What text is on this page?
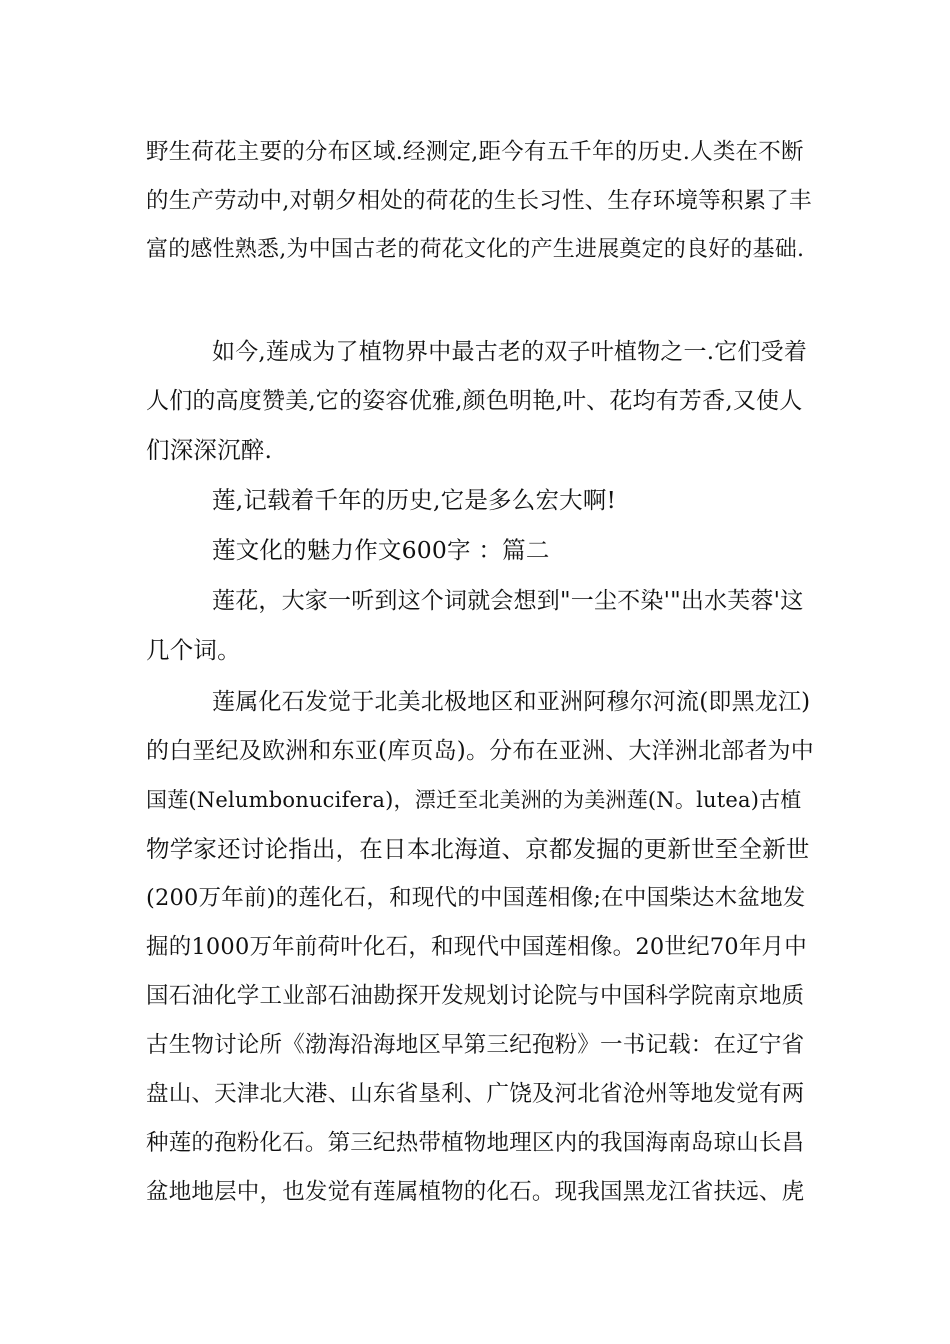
野生荷花主要的分布区域.经测定,距今有五千年的历史.人类在不断
的生产劳动中,对朝夕相处的荷花的生长习性、生存环境等积累了丰
富的感性熟悉,为中国古老的荷花文化的产生进展奠定的良好的基础.
如今,莲成为了植物界中最古老的双子叶植物之一.它们受着
人们的高度赞美,它的姿容优雅,颜色明艳,叶、花均有芳香,又使人
们深深沉醉.
莲,记载着千年的历史,它是多么宏大啊!
莲文化的魅力作文600字 ：篇二
莲花，大家一听到这个词就会想到"一尘不染'"出水芙蓉'这
几个词。
莲属化石发觉于北美北极地区和亚洲阿穆尔河流(即黑龙江)
的白垩纪及欧洲和东亚(库页岛)。分布在亚洲、大洋洲北部者为中
国莲(Nelumbonucifera)，漂迁至北美洲的为美洲莲(N。lutea)古植
物学家还讨论指出，在日本北海道、京都发掘的更新世至全新世
(200万年前)的莲化石，和现代的中国莲相像;在中国柴达木盆地发
掘的1000万年前荷叶化石，和现代中国莲相像。20世纪70年月中
国石油化学工业部石油勘探开发规划讨论院与中国科学院南京地质
古生物讨论所《渤海沿海地区早第三纪孢粉》一书记载：在辽宁省
盘山、天津北大港、山东省垦利、广饶及河北省沧州等地发觉有两
种莲的孢粉化石。第三纪热带植物地理区内的我国海南岛琼山长昌
盆地地层中，也发觉有莲属植物的化石。现我国黑龙江省扶远、虎
